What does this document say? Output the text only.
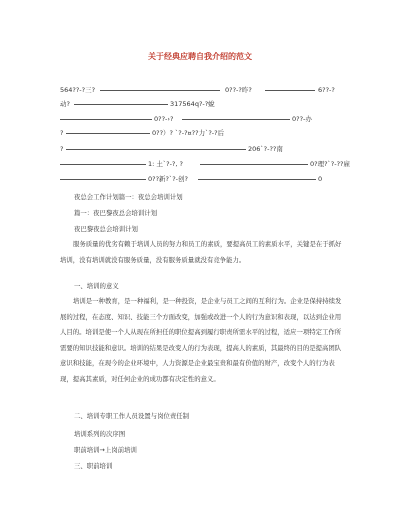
关于经典应聘自我介绍的范文
564??-?三?	0??-?昨?	6??-?
动?	317564q?-?蛻
0??-›?	0??-办
?	0??）? `?-?¤??力`?-?后
?	206`?-??南
1: 土`?-?, ?	0?理?`?-??雇
0??新?`?-创?	0
夜总会工作计划篇一：夜总会培训计划
篇一：夜巴黎夜总会培训计划
夜巴黎夜总会培训计划
服务质量的优劣有赖于培训人员的努力和员工的素质，要提高员工的素质水平，关键是在于抓好培训，没有培训就没有服务质量，没有服务质量就没有竞争能力。
一、培训的意义
培训是一种教育，是一种福利，是一种投资，是企业与员工之间的互利行为。企业是保持持续发展的过程，在态度、知识、技能三个方面改变，加强或改进一个人的行为意识和表现，以达到企业用人目的。培训是使一个人从现在所担任的职位提高到履行职责所需水平的过程，适应一项特定工作所需要的知识技能和意识。培训的结果是改变人的行为表现，提高人的素质，其最终的目的是提高团队意识和技能，在现今的企业环境中，人力资源是企业最宝贵和最有价值的财产，改变个人的行为表现，提高其素质，对任何企业的成功都有决定性的意义。
二、培训专职工作人员设置与岗位责任制
培训系列的次序图
职前培训→上岗前培训
三、职前培训
